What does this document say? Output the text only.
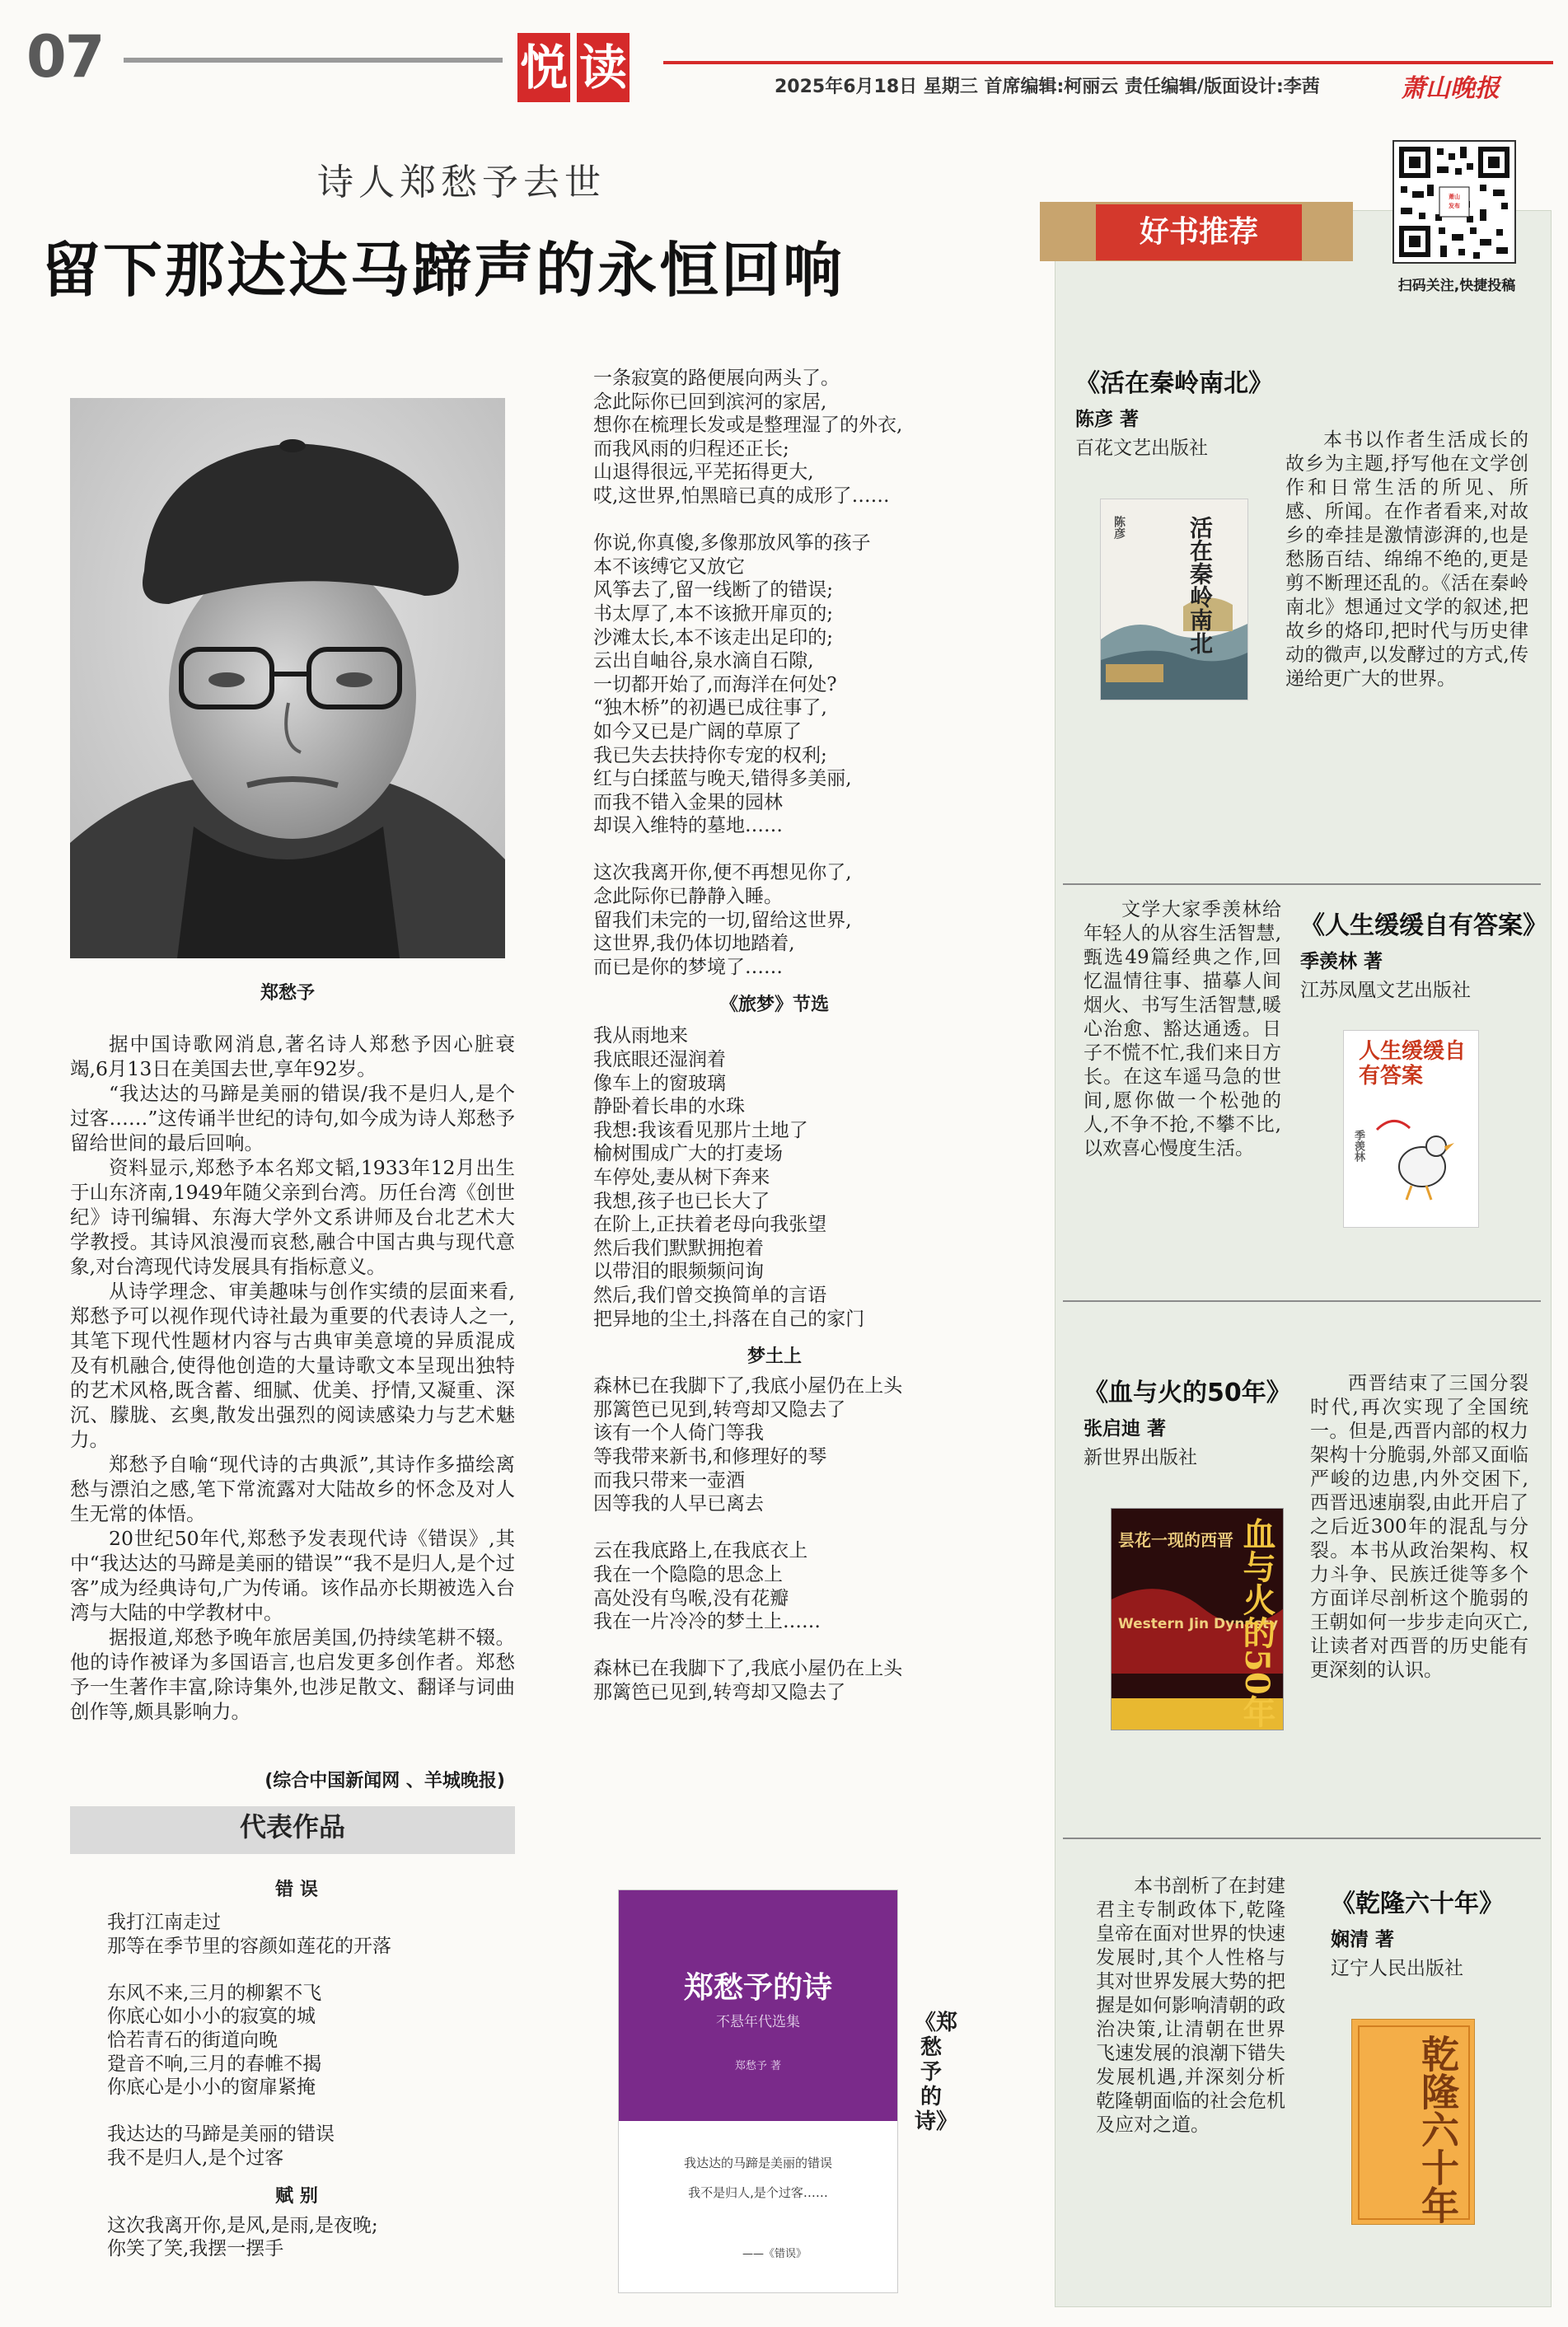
07	悦 读	2025年6月18日 星期三 首席编辑:柯丽云 责任编辑/版面设计:李茜	萧山晚报
诗人郑愁予去世
留下那达达马蹄声的永恒回响
郑愁予

据中国诗歌网消息,著名诗人郑愁予因心脏衰竭,6月13日在美国去世,享年92岁。

“我达达的马蹄是美丽的错误/我不是归人,是个过客……”这传诵半世纪的诗句,如今成为诗人郑愁予留给世间的最后回响。

资料显示,郑愁予本名郑文韬,1933年12月出生于山东济南,1949年随父亲到台湾。历任台湾《创世纪》诗刊编辑、东海大学外文系讲师及台北艺术大学教授。其诗风浪漫而哀愁,融合中国古典与现代意象,对台湾现代诗发展具有指标意义。

从诗学理念、审美趣味与创作实绩的层面来看,郑愁予可以视作现代诗社最为重要的代表诗人之一,其笔下现代性题材内容与古典审美意境的异质混成及有机融合,使得他创造的大量诗歌文本呈现出独特的艺术风格,既含蓄、细腻、优美、抒情,又凝重、深沉、朦胧、玄奥,散发出强烈的阅读感染力与艺术魅力。

郑愁予自喻“现代诗的古典派”,其诗作多描绘离愁与漂泊之感,笔下常流露对大陆故乡的怀念及对人生无常的体悟。

20世纪50年代,郑愁予发表现代诗《错误》,其中“我达达的马蹄是美丽的错误”“我不是归人,是个过客”成为经典诗句,广为传诵。该作品亦长期被选入台湾与大陆的中学教材中。

据报道,郑愁予晚年旅居美国,仍持续笔耕不辍。他的诗作被译为多国语言,也启发更多创作者。郑愁予一生著作丰富,除诗集外,也涉足散文、翻译与词曲创作等,颇具影响力。

(综合中国新闻网 、羊城晚报)
代表作品
错 误
我打江南走过
那等在季节里的容颜如莲花的开落

东风不来,三月的柳絮不飞
你底心如小小的寂寞的城
恰若青石的街道向晚
跫音不响,三月的春帷不揭
你底心是小小的窗扉紧掩

我达达的马蹄是美丽的错误
我不是归人,是个过客
赋 别
这次我离开你,是风,是雨,是夜晚;
你笑了笑,我摆一摆手
一条寂寞的路便展向两头了。
念此际你已回到滨河的家居,
想你在梳理长发或是整理湿了的外衣,
而我风雨的归程还正长;
山退得很远,平芜拓得更大,
哎,这世界,怕黑暗已真的成形了……

你说,你真傻,多像那放风筝的孩子
本不该缚它又放它
风筝去了,留一线断了的错误;
书太厚了,本不该掀开扉页的;
沙滩太长,本不该走出足印的;
云出自岫谷,泉水滴自石隙,
一切都开始了,而海洋在何处?
“独木桥”的初遇已成往事了,
如今又已是广阔的草原了
我已失去扶持你专宠的权利;
红与白揉蓝与晚天,错得多美丽,
而我不错入金果的园林
却误入维特的墓地……

这次我离开你,便不再想见你了,
念此际你已静静入睡。
留我们未完的一切,留给这世界,
这世界,我仍体切地踏着,
而已是你的梦境了……
《旅梦》节选
我从雨地来
我底眼还湿润着
像车上的窗玻璃
静卧着长串的水珠
我想:我该看见那片土地了
榆树围成广大的打麦场
车停处,妻从树下奔来
我想,孩子也已长大了
在阶上,正扶着老母向我张望
然后我们默默拥抱着
以带泪的眼频频问询
然后,我们曾交换简单的言语
把异地的尘土,抖落在自己的家门
梦土上
森林已在我脚下了,我底小屋仍在上头
那篱笆已见到,转弯却又隐去了
该有一个人倚门等我
等我带来新书,和修理好的琴
而我只带来一壶酒
因等我的人早已离去

云在我底路上,在我底衣上
我在一个隐隐的思念上
高处没有鸟喉,没有花瓣
我在一片冷冷的梦土上……

森林已在我脚下了,我底小屋仍在上头
那篱笆已见到,转弯却又隐去了
郑愁予的诗
不悬年代选集
郑愁予 著
我达达的马蹄是美丽的错误
我不是归人,是个过客……
——《错误》
《郑愁予的诗》
好书推荐
萧山
发布
扫码关注,快捷投稿
《活在秦岭南北》
陈彦 著
百花文艺出版社
活在秦岭南北
陈彦
本书以作者生活成长的故乡为主题,抒写他在文学创作和日常生活的所见、所感、所闻。在作者看来,对故乡的牵挂是激情澎湃的,也是愁肠百结、绵绵不绝的,更是剪不断理还乱的。《活在秦岭南北》想通过文学的叙述,把故乡的烙印,把时代与历史律动的微声,以发酵过的方式,传递给更广大的世界。
文学大家季羡林给年轻人的从容生活智慧,甄选49篇经典之作,回忆温情往事、描摹人间烟火、书写生活智慧,暖心治愈、豁达通透。日子不慌不忙,我们来日方长。在这车遥马急的世间,愿你做一个松弛的人,不争不抢,不攀不比,以欢喜心慢度生活。
《人生缓缓自有答案》
季羡林 著
江苏凤凰文艺出版社
人生缓缓自有答案
季羡林
《血与火的50年》
张启迪 著
新世界出版社
昙花一现的西晋
Western Jin Dynasty
血与火的50年
西晋结束了三国分裂时代,再次实现了全国统一。但是,西晋内部的权力架构十分脆弱,外部又面临严峻的边患,内外交困下,西晋迅速崩裂,由此开启了之后近300年的混乱与分裂。本书从政治架构、权力斗争、民族迁徙等多个方面详尽剖析这个脆弱的王朝如何一步步走向灭亡,让读者对西晋的历史能有更深刻的认识。
本书剖析了在封建君主专制政体下,乾隆皇帝在面对世界的快速发展时,其个人性格与其对世界发展大势的把握是如何影响清朝的政治决策,让清朝在世界飞速发展的浪潮下错失发展机遇,并深刻分析乾隆朝面临的社会危机及应对之道。
《乾隆六十年》
娴清 著
辽宁人民出版社
乾隆六十年
